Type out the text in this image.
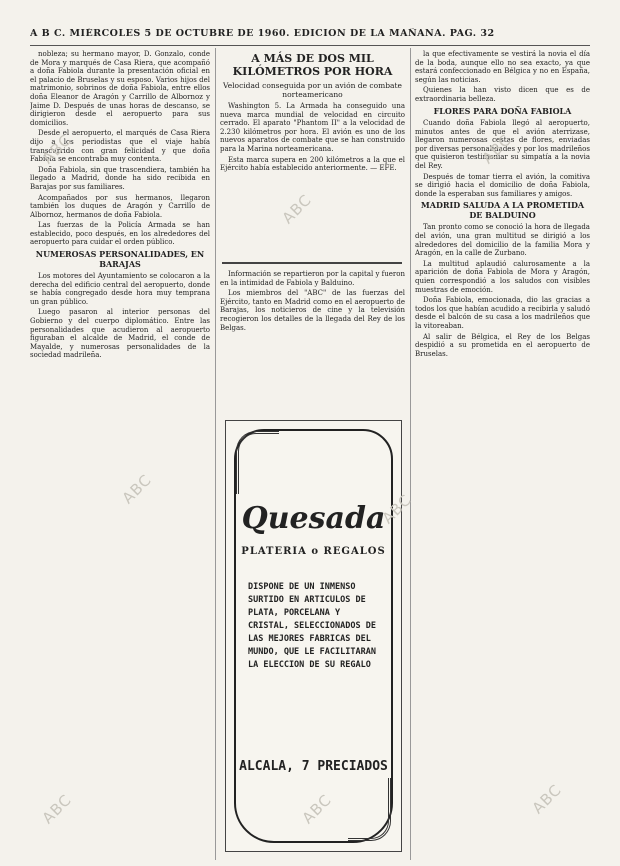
A B C. MIÉRCOLES 5 DE OCTUBRE DE 1960. EDICION DE LA MAÑANA. PAG. 32

nobleza; su hermano mayor, D. Gonzalo, conde de Mora y marqués de Casa Riera, que acompañó a doña Fabiola durante la presentación oficial en el palacio de Bruselas y su esposo. Varios hijos del matrimonio, sobrinos de doña Fabiola, entre ellos doña Eleanor de Aragón y Carrillo de Albornoz y Jaime D. Después de unas horas de descanso, se dirigieron desde el aeropuerto para sus domicilios.

Desde el aeropuerto, el marqués de Casa Riera dijo a los periodistas que el viaje había transcurrido con gran felicidad y que doña Fabiola se encontraba muy contenta.

Doña Fabiola, sin que trascendiera, también ha llegado a Madrid, donde ha sido recibida en Barajas por sus familiares.

Acompañados por sus hermanos, llegaron también los duques de Aragón y Carrillo de Albornoz, hermanos de doña Fabiola.

Las fuerzas de la Policía Armada se han establecido, poco después, en los alrededores del aeropuerto para cuidar el orden público.

NUMEROSAS PERSONALIDADES, EN BARAJAS

Los motores del Ayuntamiento se colocaron a la derecha del edificio central del aeropuerto, donde se había congregado desde hora muy temprana un gran público.

Luego pasaron al interior personas del Gobierno y del cuerpo diplomático. Entre las personalidades que acudieron al aeropuerto figuraban el alcalde de Madrid, el conde de Mayalde, y numerosas personalidades de la sociedad madrileña.

A MÁS DE DOS MIL KILÓMETROS POR HORA
Velocidad conseguida por un avión de combate norteamericano

Washington 5. La Armada ha conseguido una nueva marca mundial de velocidad en circuito cerrado. El aparato "Phantom II" a la velocidad de 2.230 kilómetros por hora. El avión es uno de los nuevos aparatos de combate que se han construido para la Marina norteamericana.

Esta marca supera en 200 kilómetros a la que el Ejército había establecido anteriormente. — EFE.

Información se repartieron por la capital y fueron en la intimidad de Fabiola y Balduino.

Los miembros del "ABC" de las fuerzas del Ejército, tanto en Madrid como en el aeropuerto de Barajas, los noticieros de cine y la televisión recogieron los detalles de la llegada del Rey de los Belgas.

Quesada
PLATERIA o REGALOS
DISPONE DE UN INMENSO SURTIDO EN ARTICULOS DE PLATA, PORCELANA Y CRISTAL, SELECCIONADOS DE LAS MEJORES FABRICAS DEL MUNDO, QUE LE FACILITARAN LA ELECCION DE SU REGALO
ALCALA, 7 PRECIADOS

la que efectivamente se vestirá la novia el día de la boda, aunque ello no sea exacto, ya que estará confeccionado en Bélgica y no en España, según las noticias.

Quienes la han visto dicen que es de extraordinaria belleza.

FLORES PARA DOÑA FABIOLA

Cuando doña Fabiola llegó al aeropuerto, minutos antes de que el avión aterrizase, llegaron numerosas cestas de flores, enviadas por diversas personalidades y por los madrileños que quisieron testimoniar su simpatía a la novia del Rey.

Después de tomar tierra el avión, la comitiva se dirigió hacia el domicilio de doña Fabiola, donde la esperaban sus familiares y amigos.

MADRID SALUDA A LA PROMETIDA DE BALDUINO

Tan pronto como se conoció la hora de llegada del avión, una gran multitud se dirigió a los alrededores del domicilio de la familia Mora y Aragón, en la calle de Zurbano.

La multitud aplaudió calurosamente a la aparición de doña Fabiola de Mora y Aragón, quien correspondió a los saludos con visibles muestras de emoción.

Doña Fabiola, emocionada, dio las gracias a todos los que habían acudido a recibirla y saludó desde el balcón de su casa a los madrileños que la vitoreaban.

Al salir de Bélgica, el Rey de los Belgas despidió a su prometida en el aeropuerto de Bruselas.

ABC
ABC
ABC
ABC
ABC
ABC	ABC	ABC
